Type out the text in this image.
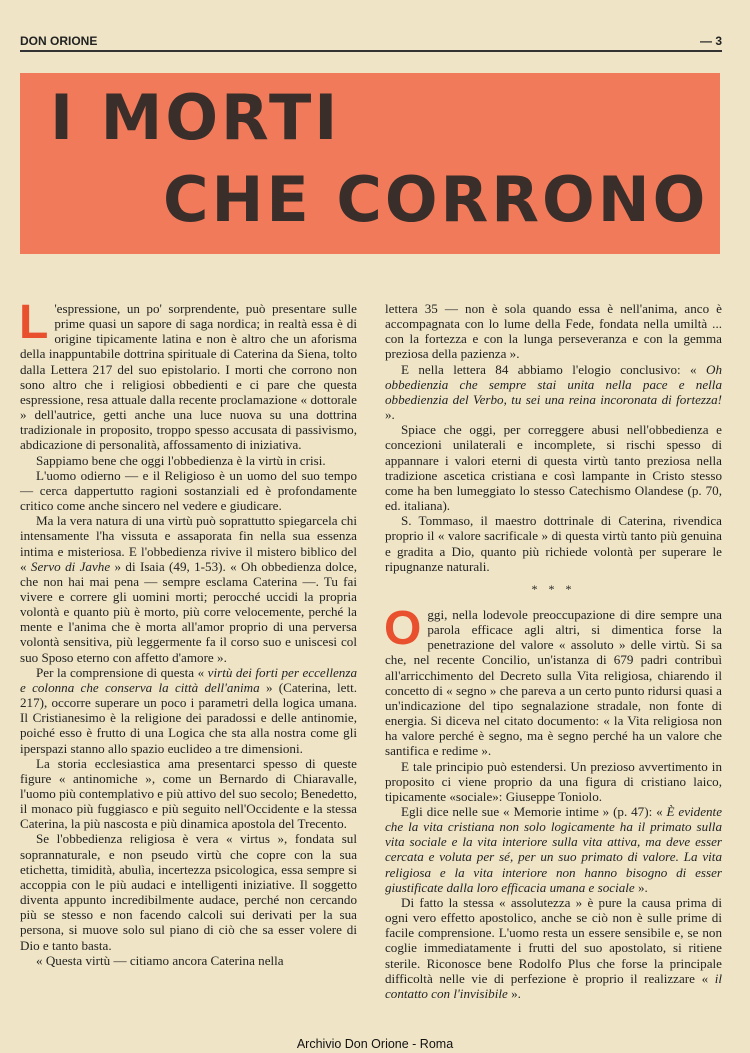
DON ORIONE	— 3
I MORTI
CHE CORRONO

L 'espressione, un po' sorprendente, può presentare sulle prime quasi un sapore di saga nordica; in realtà essa è di origine tipicamente latina e non è altro che un aforisma della inappuntabile dottrina spirituale di Caterina da Siena, tolto dalla Lettera 217 del suo epistolario. I morti che corrono non sono altro che i religiosi obbedienti e ci pare che questa espressione, resa attuale dalla recente proclamazione « dottorale » dell'autrice, getti anche una luce nuova su una dottrina tradizionale in proposito, troppo spesso accusata di passivismo, abdicazione di personalità, affossamento di iniziativa.

Sappiamo bene che oggi l'obbedienza è la virtù in crisi.

L'uomo odierno — e il Religioso è un uomo del suo tempo — cerca dappertutto ragioni sostanziali ed è profondamente critico come anche sincero nel vedere e giudicare.

Ma la vera natura di una virtù può soprattutto spiegarcela chi intensamente l'ha vissuta e assaporata fin nella sua essenza intima e misteriosa. E l'obbedienza rivive il mistero biblico del « Servo di Javhe » di Isaia (49, 1-53). « Oh obbedienza dolce, che non hai mai pena — sempre esclama Caterina —. Tu fai vivere e correre gli uomini morti; perocché uccidi la propria volontà e quanto più è morto, più corre velocemente, perché la mente e l'anima che è morta all'amor proprio di una perversa volontà sensitiva, più leggermente fa il corso suo e uniscesi col suo Sposo eterno con affetto d'amore ».

Per la comprensione di questa « virtù dei forti per eccellenza e colonna che conserva la città dell'anima » (Caterina, lett. 217), occorre superare un poco i parametri della logica umana. Il Cristianesimo è la religione dei paradossi e delle antinomie, poiché esso è frutto di una Logica che sta alla nostra come gli iperspazi stanno allo spazio euclideo a tre dimensioni.

La storia ecclesiastica ama presentarci spesso di queste figure « antinomiche », come un Bernardo di Chiaravalle, l'uomo più contemplativo e più attivo del suo secolo; Benedetto, il monaco più fuggiasco e più seguito nell'Occidente e la stessa Caterina, la più nascosta e più dinamica apostola del Trecento.

Se l'obbedienza religiosa è vera « virtus », fondata sul soprannaturale, e non pseudo virtù che copre con la sua etichetta, timidità, abulìa, incertezza psicologica, essa sempre si accoppia con le più audaci e intelligenti iniziative. Il soggetto diventa appunto incredibilmente audace, perché non cercando più se stesso e non facendo calcoli sui derivati per la sua persona, si muove solo sul piano di ciò che sa esser volere di Dio e tanto basta.

« Questa virtù — citiamo ancora Caterina nella

lettera 35 — non è sola quando essa è nell'anima, anco è accompagnata con lo lume della Fede, fondata nella umiltà ... con la fortezza e con la lunga perseveranza e con la gemma preziosa della pazienza ».

E nella lettera 84 abbiamo l'elogio conclusivo: « Oh obbedienzia che sempre stai unita nella pace e nella obbedienzia del Verbo, tu sei una reina incoronata di fortezza! ».

Spiace che oggi, per correggere abusi nell'obbedienza e concezioni unilaterali e incomplete, si rischi spesso di appannare i valori eterni di questa virtù tanto preziosa nella tradizione ascetica cristiana e così lampante in Cristo stesso come ha ben lumeggiato lo stesso Catechismo Olandese (p. 70, ed. italiana).

S. Tommaso, il maestro dottrinale di Caterina, rivendica proprio il « valore sacrificale » di questa virtù tanto più genuina e gradita a Dio, quanto più richiede volontà per superare le ripugnanze naturali.

* * *

Oggi, nella lodevole preoccupazione di dire sempre una parola efficace agli altri, si dimentica forse la penetrazione del valore « assoluto » delle virtù. Si sa che, nel recente Concilio, un'istanza di 679 padri contribuì all'arricchimento del Decreto sulla Vita religiosa, chiarendo il concetto di « segno » che pareva a un certo punto ridursi quasi a un'indicazione del tipo segnalazione stradale, non fonte di energia. Si diceva nel citato documento: « la Vita religiosa non ha valore perché è segno, ma è segno perché ha un valore che santifica e redime ».

E tale principio può estendersi. Un prezioso avvertimento in proposito ci viene proprio da una figura di cristiano laico, tipicamente «sociale»: Giuseppe Toniolo.

Egli dice nelle sue « Memorie intime » (p. 47): « È evidente che la vita cristiana non solo logicamente ha il primato sulla vita sociale e la vita interiore sulla vita attiva, ma deve esser cercata e voluta per sé, per un suo primato di valore. La vita religiosa e la vita interiore non hanno bisogno di esser giustificate dalla loro efficacia umana e sociale ».

Di fatto la stessa « assolutezza » è pure la causa prima di ogni vero effetto apostolico, anche se ciò non è sulle prime di facile comprensione. L'uomo resta un essere sensibile e, se non coglie immediatamente i frutti del suo apostolato, si ritiene sterile. Riconosce bene Rodolfo Plus che forse la principale difficoltà nelle vie di perfezione è proprio il realizzare « il contatto con l'invisibile ».

Archivio Don Orione - Roma
